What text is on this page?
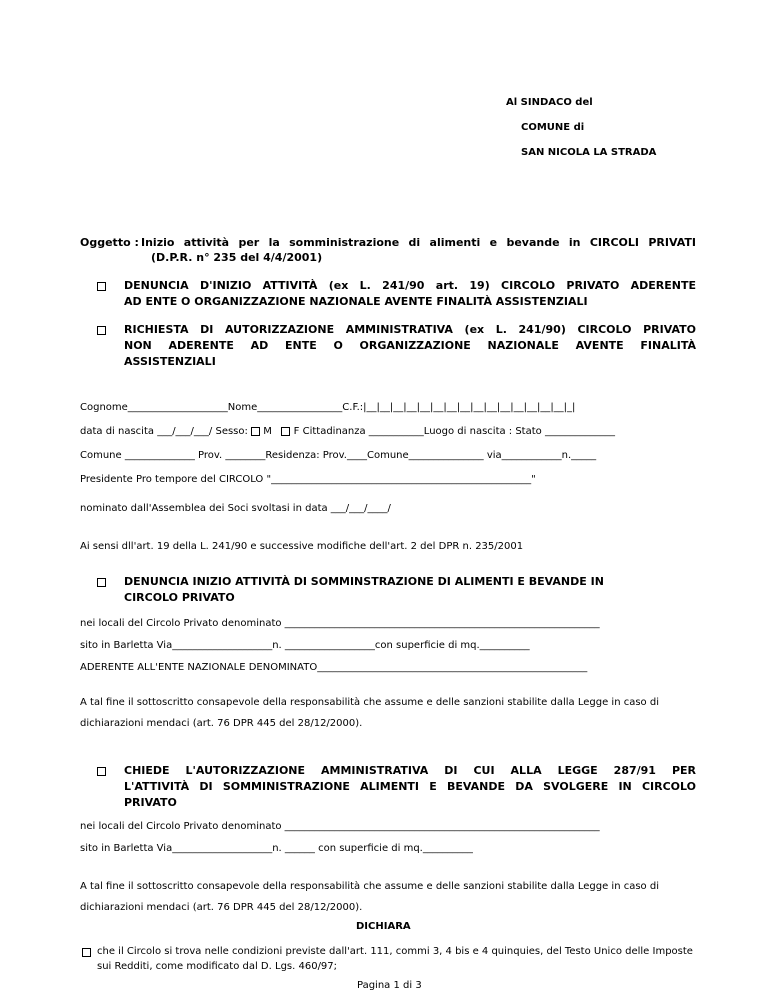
Al SINDACO del
COMUNE di
SAN NICOLA LA STRADA
Oggetto : Inizio attività per la somministrazione di alimenti e bevande in CIRCOLI PRIVATI
(D.P.R. n° 235 del 4/4/2001)
DENUNCIA D'INIZIO ATTIVITÀ (ex L. 241/90 art. 19) CIRCOLO PRIVATO ADERENTE
AD ENTE O ORGANIZZAZIONE NAZIONALE AVENTE FINALITÀ ASSISTENZIALI
RICHIESTA DI AUTORIZZAZIONE AMMINISTRATIVA (ex L. 241/90) CIRCOLO PRIVATO
NON ADERENTE AD ENTE O ORGANIZZAZIONE NAZIONALE AVENTE FINALITÀ
ASSISTENZIALI
Cognome____________________Nome_________________C.F.:|__|__|__|__|__|__|__|__|__|__|__|__|__|__|__|_|
data di nascita ___/___/___/ Sesso: M F Cittadinanza ___________Luogo di nascita : Stato ______________
Comune ______________ Prov. ________Residenza: Prov.____Comune_______________ via____________n._____
Presidente Pro tempore del CIRCOLO "____________________________________________________"
nominato dall'Assemblea dei Soci svoltasi in data ___/___/____/
Ai sensi dll'art. 19 della L. 241/90 e successive modifiche dell'art. 2 del DPR n. 235/2001
DENUNCIA INIZIO ATTIVITÀ DI SOMMINSTRAZIONE DI ALIMENTI E BEVANDE IN
CIRCOLO PRIVATO
nei locali del Circolo Privato denominato _______________________________________________________________
sito in Barletta Via____________________n. __________________con superficie di mq.__________
ADERENTE ALL'ENTE NAZIONALE DENOMINATO______________________________________________________
A tal fine il sottoscritto consapevole della responsabilità che assume e delle sanzioni stabilite dalla Legge in caso di dichiarazioni mendaci (art. 76 DPR 445 del 28/12/2000).
CHIEDE L'AUTORIZZAZIONE AMMINISTRATIVA DI CUI ALLA LEGGE 287/91 PER
L'ATTIVITÀ DI SOMMINISTRAZIONE ALIMENTI E BEVANDE DA SVOLGERE IN CIRCOLO
PRIVATO
nei locali del Circolo Privato denominato _______________________________________________________________
sito in Barletta Via____________________n. ______ con superficie di mq.__________
A tal fine il sottoscritto consapevole della responsabilità che assume e delle sanzioni stabilite dalla Legge in caso di dichiarazioni mendaci (art. 76 DPR 445 del 28/12/2000).
DICHIARA
che il Circolo si trova nelle condizioni previste dall'art. 111, commi 3, 4 bis e 4 quinquies, del Testo Unico delle Imposte sui Redditi, come modificato dal D. Lgs. 460/97;
Pagina 1 di 3
